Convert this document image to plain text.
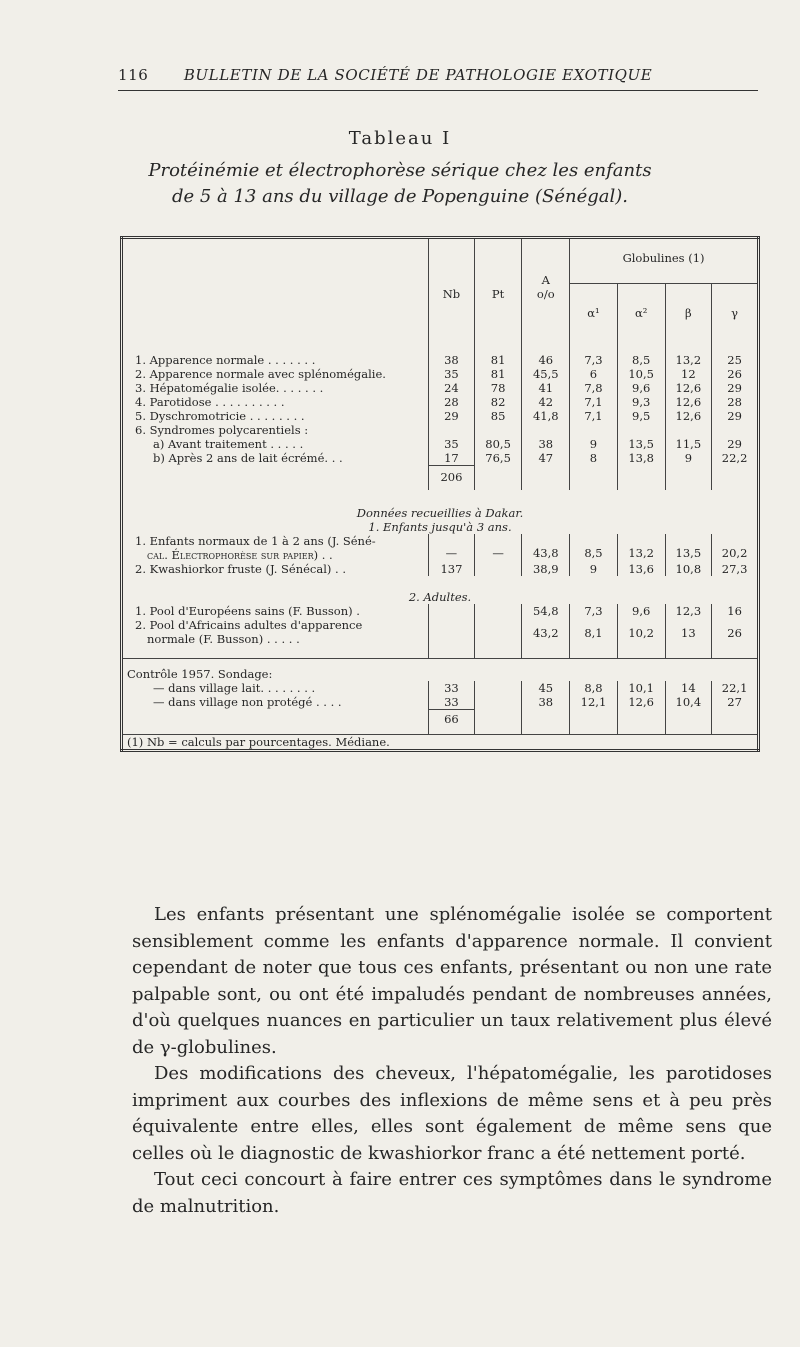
116 BULLETIN DE LA SOCIÉTÉ DE PATHOLOGIE EXOTIQUE
Tableau I
Protéinémie et électrophorèse sérique chez les enfants
de 5 à 13 ans du village de Popenguine (Sénégal).
	Nb	Pt	A
o/o	Globulines (1)			
				α¹	α²	β	γ
1. Apparence normale . . . . . . .	38	81	46	7,3	8,5	13,2	25
2. Apparence normale avec splénomégalie.	35	81	45,5	6	10,5	12	26
3. Hépatomégalie isolée. . . . . . .	24	78	41	7,8	9,6	12,6	29
4. Parotidose . . . . . . . . . .	28	82	42	7,1	9,3	12,6	28
5. Dyschromotricie . . . . . . . .	29	85	41,8	7,1	9,5	12,6	29
6. Syndromes polycarentiels :							
a) Avant traitement . . . . .	35	80,5	38	9	13,5	11,5	29
b) Après 2 ans de lait écrémé. . .	17	76,5	47	8	13,8	9	22,2
	206						
Données recueillies à Dakar.							
1. Enfants jusqu'à 3 ans.							

1. Enfants normaux de 1 à 2 ans (J. Séné-
cal. Électrophorèse sur papier) . .	—	—	43,8	8,5	13,2	13,5	20,2
2. Kwashiorkor fruste (J. Sénécal) . .	137		38,9	9	13,6	10,8	27,3
2. Adultes.							
1. Pool d'Européens sains (F. Busson) .			54,8	7,3	9,6	12,3	16

2. Pool d'Africains adultes d'apparence
normale (F. Busson) . . . . .			43,2	8,1	10,2	13	26
Contrôle 1957. Sondage:							
— dans village lait. . . . . . . .	33		45	8,8	10,1	14	22,1
— dans village non protégé . . . .	33		38	12,1	12,6	10,4	27
	66						
(1) Nb = calculs par pourcentages. Médiane.							

Les enfants présentant une splénomégalie isolée se comportent sensiblement comme les enfants d'apparence normale. Il convient cependant de noter que tous ces enfants, présentant ou non une rate palpable sont, ou ont été impaludés pendant de nombreuses années, d'où quelques nuances en particulier un taux relativement plus élevé de γ-globulines.

Des modifications des cheveux, l'hépatomégalie, les parotidoses impriment aux courbes des inflexions de même sens et à peu près équivalente entre elles, elles sont également de même sens que celles où le diagnostic de kwashiorkor franc a été nettement porté.

Tout ceci concourt à faire entrer ces symptômes dans le syndrome de malnutrition.
